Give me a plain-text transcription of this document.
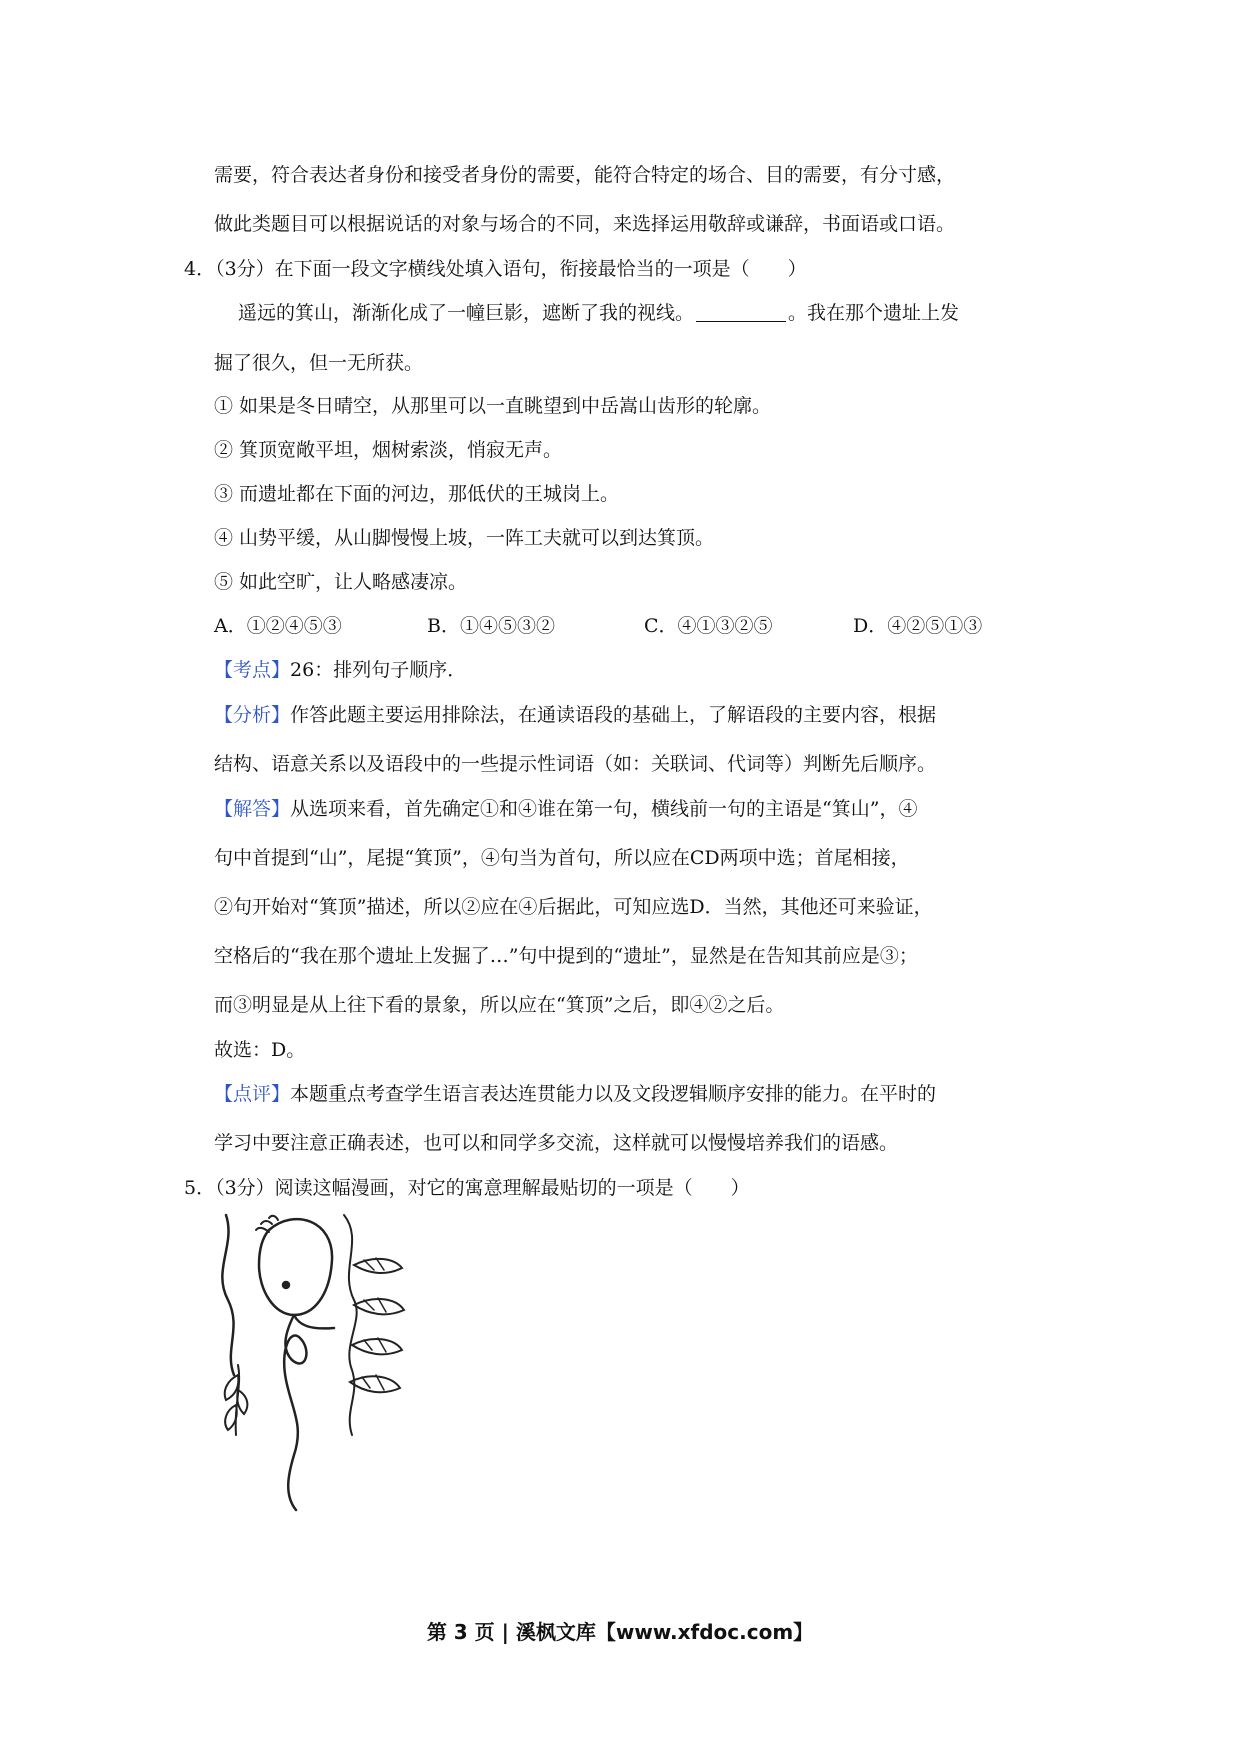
需要，符合表达者身份和接受者身份的需要，能符合特定的场合、目的需要，有分寸感，
做此类题目可以根据说话的对象与场合的不同，来选择运用敬辞或谦辞，书面语或口语。
4．（3分）在下面一段文字横线处填入语句，衔接最恰当的一项是（　　）
遥远的箕山，渐渐化成了一幢巨影，遮断了我的视线。	。我在那个遗址上发
掘了很久，但一无所获。
① 如果是冬日晴空，从那里可以一直眺望到中岳嵩山齿形的轮廓。
② 箕顶宽敞平坦，烟树索淡，悄寂无声。
③ 而遗址都在下面的河边，那低伏的王城岗上。
④ 山势平缓，从山脚慢慢上坡，一阵工夫就可以到达箕顶。
⑤ 如此空旷，让人略感凄凉。
A．①②④⑤③	B．①④⑤③②	C．④①③②⑤	D．④②⑤①③
【考点】26：排列句子顺序．
【分析】作答此题主要运用排除法，在通读语段的基础上，了解语段的主要内容，根据
结构、语意关系以及语段中的一些提示性词语（如：关联词、代词等）判断先后顺序。
【解答】从选项来看，首先确定①和④谁在第一句，横线前一句的主语是“箕山”，④
句中首提到“山”，尾提“箕顶”，④句当为首句，所以应在CD两项中选；首尾相接，
②句开始对“箕顶”描述，所以②应在④后据此，可知应选D．当然，其他还可来验证，
空格后的“我在那个遗址上发掘了…”句中提到的“遗址”，显然是在告知其前应是③；
而③明显是从上往下看的景象，所以应在“箕顶”之后，即④②之后。
故选：D。
【点评】本题重点考查学生语言表达连贯能力以及文段逻辑顺序安排的能力。在平时的
学习中要注意正确表述，也可以和同学多交流，这样就可以慢慢培养我们的语感。
5．（3分）阅读这幅漫画，对它的寓意理解最贴切的一项是（　　）
第 3 页 | 溪枫文库【www.xfdoc.com】
